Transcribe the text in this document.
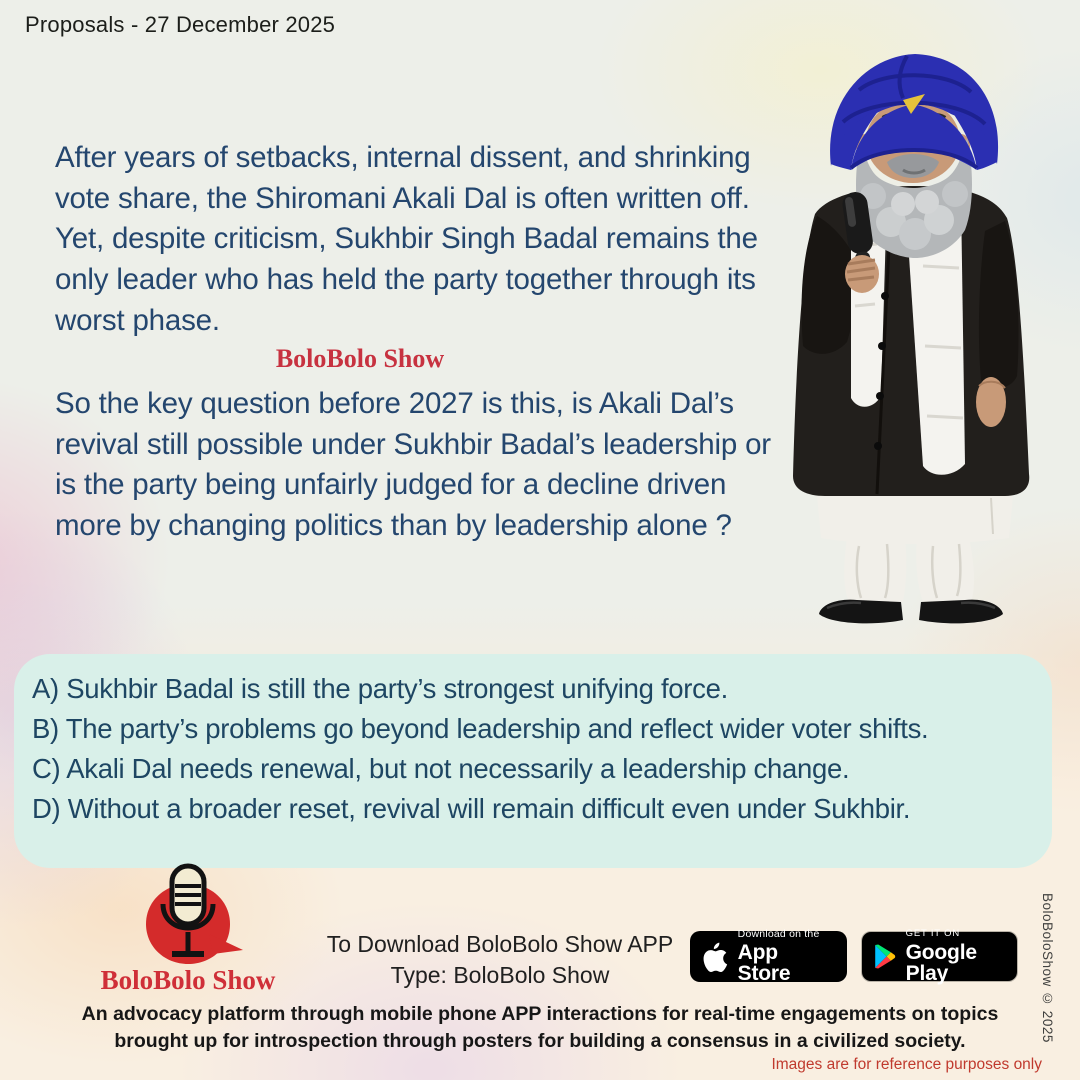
Proposals - 27 December 2025
After years of setbacks, internal dissent, and shrinking vote share, the Shiromani Akali Dal is often written off. Yet, despite criticism, Sukhbir Singh Badal remains the only leader who has held the party together through its worst phase.
BoloBolo Show
So the key question before 2027 is this, is Akali Dal’s revival still possible under Sukhbir Badal’s leadership or is the party being unfairly judged for a decline driven more by changing politics than by leadership alone ?
A) Sukhbir Badal is still the party’s strongest unifying force.
B) The party’s problems go beyond leadership and reflect wider voter shifts.
C) Akali Dal needs renewal, but not necessarily a leadership change.
D) Without a broader reset, revival will remain difficult even under Sukhbir.
BoloBolo Show
To Download BoloBolo Show APP
Type: BoloBolo Show
Download on the
App Store
GET IT ON
Google Play
An advocacy platform through mobile phone APP interactions for real-time engagements on topics
brought up for introspection through posters for building a consensus in a civilized society.	BoloBoloShow © 2025
Images are for reference purposes only
